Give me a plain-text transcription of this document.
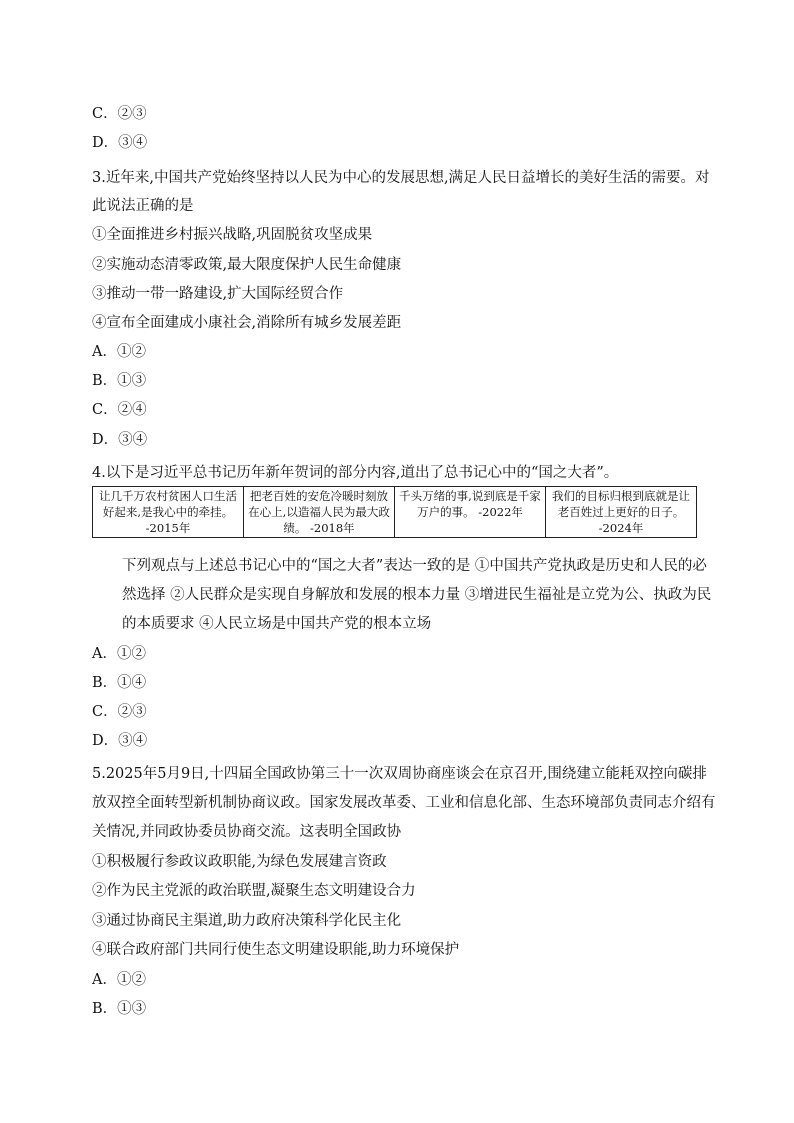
C．②③
D．③④
3.近年来,中国共产党始终坚持以人民为中心的发展思想,满足人民日益增长的美好生活的需要。对
此说法正确的是
①全面推进乡村振兴战略,巩固脱贫攻坚成果
②实施动态清零政策,最大限度保护人民生命健康
③推动一带一路建设,扩大国际经贸合作
④宣布全面建成小康社会,消除所有城乡发展差距
A．①②
B．①③
C．②④
D．③④
4.以下是习近平总书记历年新年贺词的部分内容,道出了总书记心中的“国之大者”。
让几千万农村贫困人口生活好起来,是我心中的牵挂。 -2015年	把老百姓的安危冷暖时刻放在心上,以造福人民为最大政绩。 -2018年	千头万绪的事,说到底是千家万户的事。 -2022年	我们的目标归根到底就是让老百姓过上更好的日子。 -2024年
下列观点与上述总书记心中的“国之大者”表达一致的是 ①中国共产党执政是历史和人民的必
然选择 ②人民群众是实现自身解放和发展的根本力量 ③增进民生福祉是立党为公、执政为民
的本质要求 ④人民立场是中国共产党的根本立场
A．①②
B．①④
C．②③
D．③④
5.2025年5月9日,十四届全国政协第三十一次双周协商座谈会在京召开,围绕建立能耗双控向碳排
放双控全面转型新机制协商议政。国家发展改革委、工业和信息化部、生态环境部负责同志介绍有
关情况,并同政协委员协商交流。这表明全国政协
①积极履行参政议政职能,为绿色发展建言资政
②作为民主党派的政治联盟,凝聚生态文明建设合力
③通过协商民主渠道,助力政府决策科学化民主化
④联合政府部门共同行使生态文明建设职能,助力环境保护
A．①②
B．①③
